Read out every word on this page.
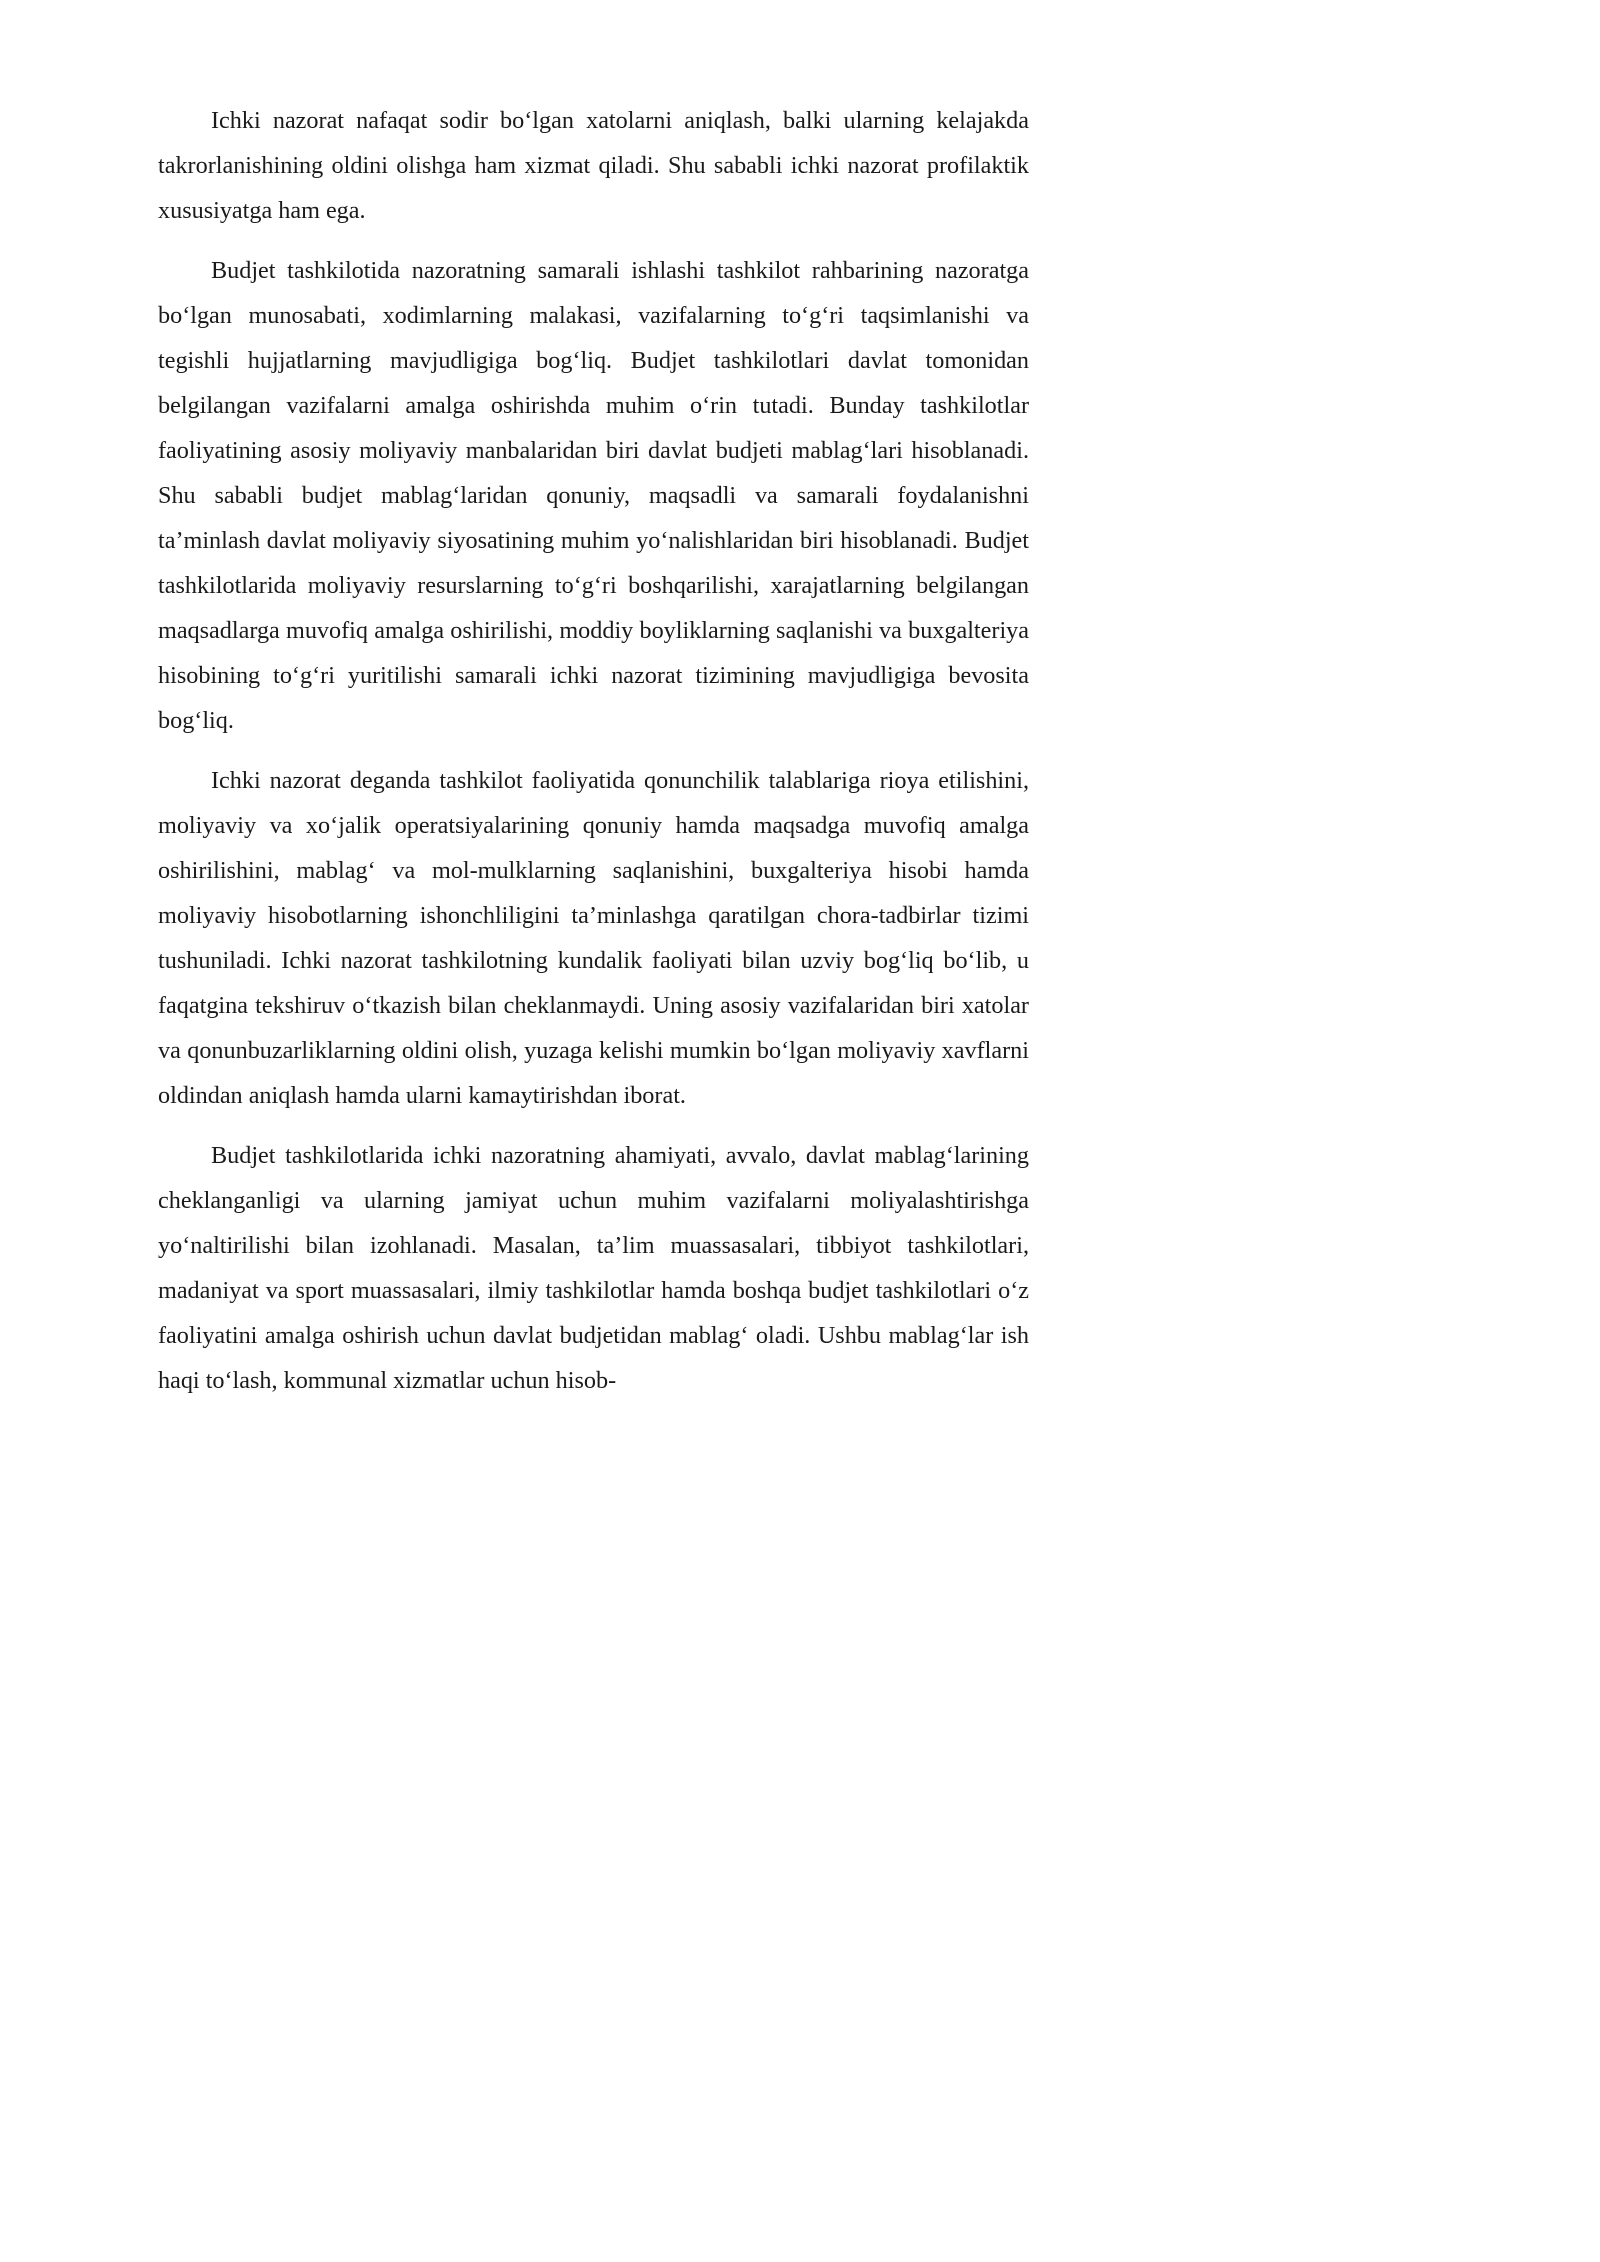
Ichki nazorat nafaqat sodir boʻlgan xatolarni aniqlash, balki ularning kelajakda takrorlanishining oldini olishga ham xizmat qiladi. Shu sababli ichki nazorat profilaktik xususiyatga ham ega.

Budjet tashkilotida nazoratning samarali ishlashi tashkilot rahbarining nazoratga boʻlgan munosabati, xodimlarning malakasi, vazifalarning toʻgʻri taqsimlanishi va tegishli hujjatlarning mavjudligiga bogʻliq. Budjet tashkilotlari davlat tomonidan belgilangan vazifalarni amalga oshirishda muhim oʻrin tutadi. Bunday tashkilotlar faoliyatining asosiy moliyaviy manbalaridan biri davlat budjeti mablagʻlari hisoblanadi. Shu sababli budjet mablagʻlaridan qonuniy, maqsadli va samarali foydalanishni taʼminlash davlat moliyaviy siyosatining muhim yoʻnalishlaridan biri hisoblanadi. Budjet tashkilotlarida moliyaviy resurslarning toʻgʻri boshqarilishi, xarajatlarning belgilangan maqsadlarga muvofiq amalga oshirilishi, moddiy boyliklarning saqlanishi va buxgalteriya hisobining toʻgʻri yuritilishi samarali ichki nazorat tizimining mavjudligiga bevosita bogʻliq.

Ichki nazorat deganda tashkilot faoliyatida qonunchilik talablariga rioya etilishini, moliyaviy va xoʻjalik operatsiyalarining qonuniy hamda maqsadga muvofiq amalga oshirilishini, mablagʻ va mol-mulklarning saqlanishini, buxgalteriya hisobi hamda moliyaviy hisobotlarning ishonchliligini taʼminlashga qaratilgan chora-tadbirlar tizimi tushuniladi. Ichki nazorat tashkilotning kundalik faoliyati bilan uzviy bogʻliq boʻlib, u faqatgina tekshiruv oʻtkazish bilan cheklanmaydi. Uning asosiy vazifalaridan biri xatolar va qonunbuzarliklarning oldini olish, yuzaga kelishi mumkin boʻlgan moliyaviy xavflarni oldindan aniqlash hamda ularni kamaytirishdan iborat.

Budjet tashkilotlarida ichki nazoratning ahamiyati, avvalo, davlat mablagʻlarining cheklanganligi va ularning jamiyat uchun muhim vazifalarni moliyalashtirishga yoʻnaltirilishi bilan izohlanadi. Masalan, taʼlim muassasalari, tibbiyot tashkilotlari, madaniyat va sport muassasalari, ilmiy tashkilotlar hamda boshqa budjet tashkilotlari oʻz faoliyatini amalga oshirish uchun davlat budjetidan mablagʻ oladi. Ushbu mablagʻlar ish haqi toʻlash, kommunal xizmatlar uchun hisob-
